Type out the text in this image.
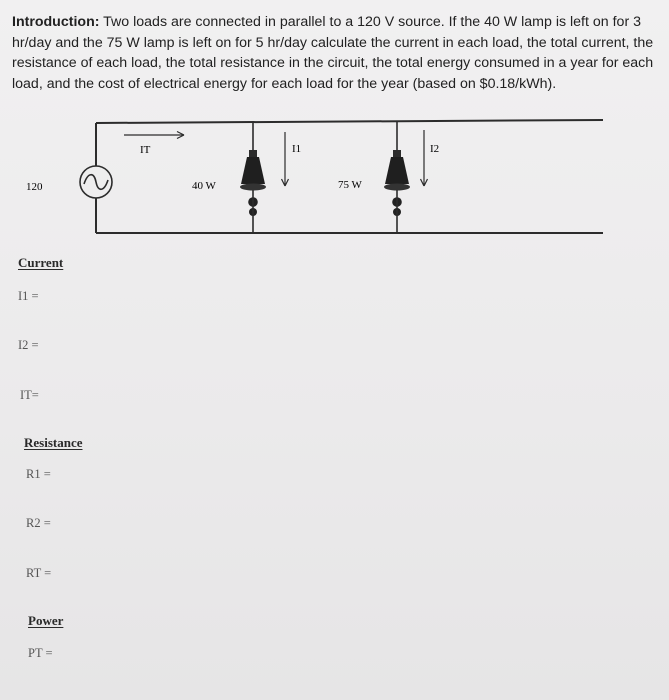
Introduction: Two loads are connected in parallel to a 120 V source. If the 40 W lamp is left on for 3 hr/day and the 75 W lamp is left on for 5 hr/day calculate the current in each load, the total current, the resistance of each load, the total resistance in the circuit, the total energy consumed in a year for each load, and the cost of electrical energy for each load for the year (based on $0.18/kWh).
120
IT
40 W
I1
75 W
I2
Current
I1 =
I2 =
IT=
Resistance
R1 =
R2 =
RT =
Power
PT =
